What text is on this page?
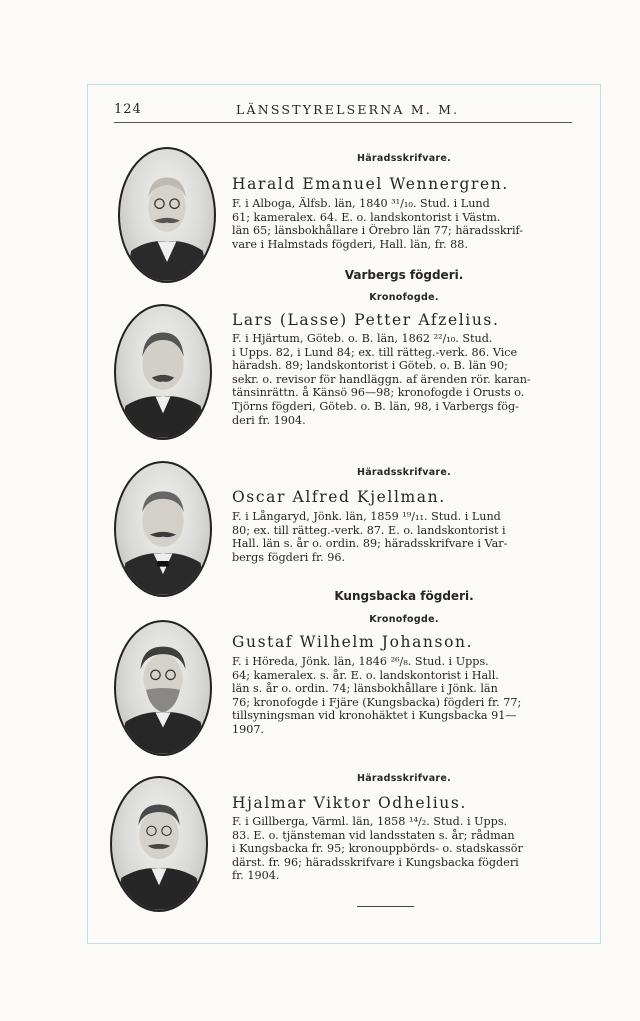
124	LÄNSSTYRELSERNA M. M.
Häradsskrifvare.
Harald Emanuel Wennergren.
F. i Alboga, Älfsb. län, 1840 ³¹/₁₀. Stud. i Lund
61; kameralex. 64. E. o. landskontorist i Västm.
län 65; länsbokhållare i Örebro län 77; häradsskrif-
vare i Halmstads fögderi, Hall. län, fr. 88.
Varbergs fögderi.
Kronofogde.
Lars (Lasse) Petter Afzelius.
F. i Hjärtum, Göteb. o. B. län, 1862 ²²/₁₀. Stud.
i Upps. 82, i Lund 84; ex. till rätteg.-verk. 86. Vice
häradsh. 89; landskontorist i Göteb. o. B. län 90;
sekr. o. revisor för handläggn. af ärenden rör. karan-
tänsinrättn. å Känsö 96—98; kronofogde i Orusts o.
Tjörns fögderi, Göteb. o. B. län, 98, i Varbergs fög-
deri fr. 1904.
Häradsskrifvare.
Oscar Alfred Kjellman.
F. i Långaryd, Jönk. län, 1859 ¹⁹/₁₁. Stud. i Lund
80; ex. till rätteg.-verk. 87. E. o. landskontorist i
Hall. län s. år o. ordin. 89; häradsskrifvare i Var-
bergs fögderi fr. 96.
Kungsbacka fögderi.
Kronofogde.
Gustaf Wilhelm Johanson.
F. i Höreda, Jönk. län, 1846 ²⁶/₈. Stud. i Upps.
64; kameralex. s. år. E. o. landskontorist i Hall.
län s. år o. ordin. 74; länsbokhållare i Jönk. län
76; kronofogde i Fjäre (Kungsbacka) fögderi fr. 77;
tillsyningsman vid kronohäktet i Kungsbacka 91—
1907.
Häradsskrifvare.
Hjalmar Viktor Odhelius.
F. i Gillberga, Värml. län, 1858 ¹⁴/₂. Stud. i Upps.
83. E. o. tjänsteman vid landsstaten s. år; rådman
i Kungsbacka fr. 95; kronouppbörds- o. stadskassör
därst. fr. 96; häradsskrifvare i Kungsbacka fögderi
fr. 1904.
